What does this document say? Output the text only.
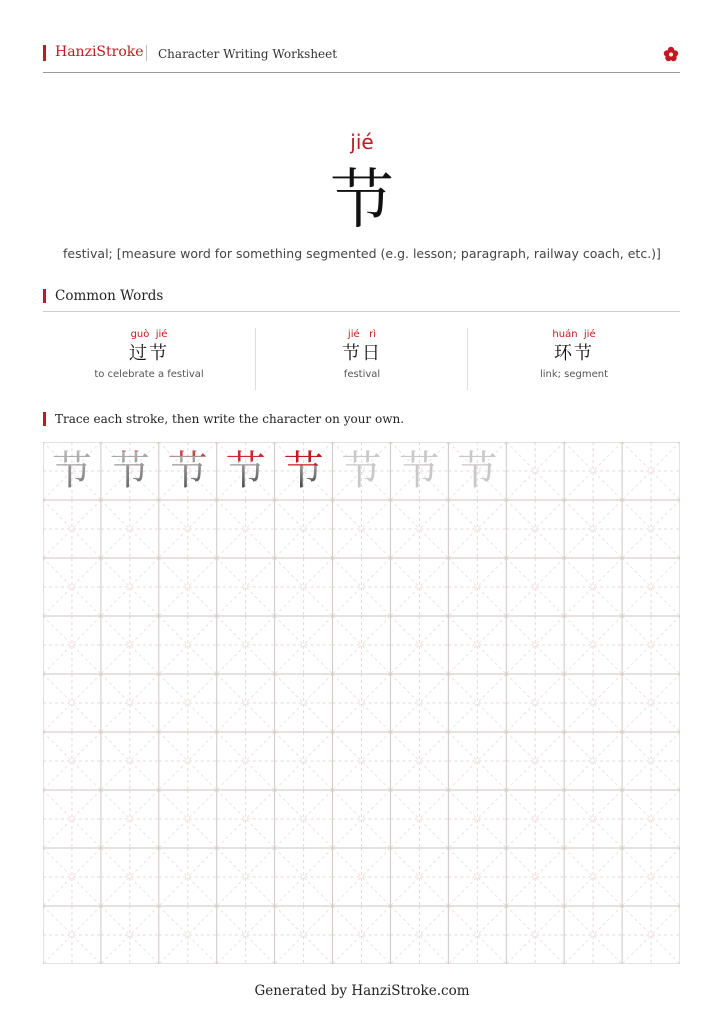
HanziStroke Character Writing Worksheet
jié
节
festival; [measure word for something segmented (e.g. lesson; paragraph, railway coach, etc.)]
Common Words
guò  jié
过节
to celebrate a festival
jié   rì
节日
festival
huán  jié
环节
link; segment
Trace each stroke, then write the character on your own.
节 节 节 节 节 节 节 节
Generated by HanziStroke.com
